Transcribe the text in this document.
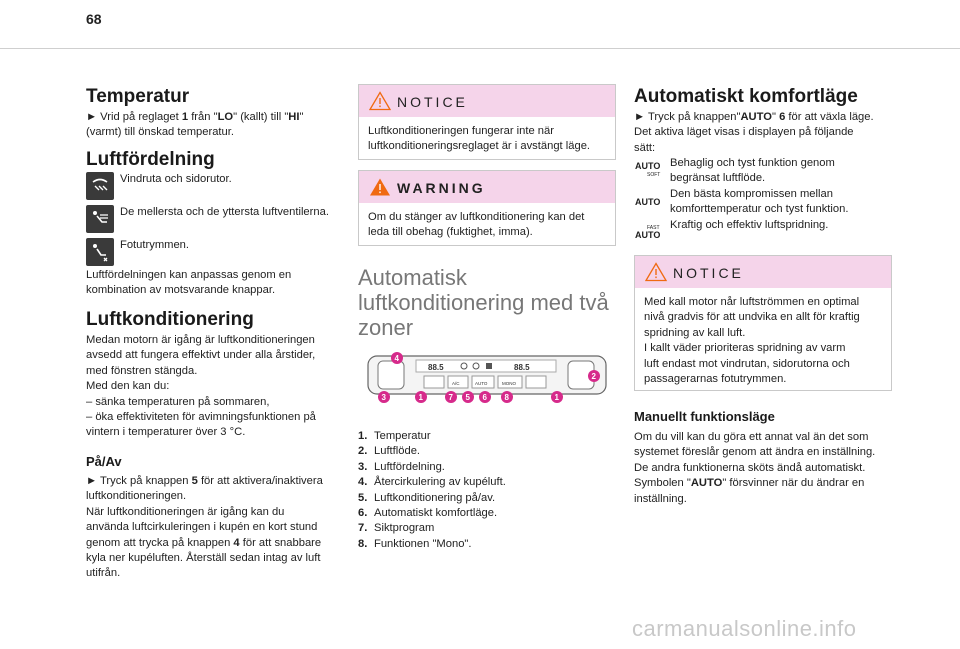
68
Temperatur

► Vrid på reglaget 1 från "LO" (kallt) till "HI"
(varmt) till önskad temperatur.

Luftfördelning
Vindruta och sidorutor.
De mellersta och de yttersta luftventilerna.
Fotutrymmen.

Luftfördelningen kan anpassas genom en
kombination av motsvarande knappar.

Luftkonditionering

Medan motorn är igång är luftkonditioneringen
avsedd att fungera effektivt under alla årstider,
med fönstren stängda.
Med den kan du:
– sänka temperaturen på sommaren,
– öka effektiviteten för avimningsfunktionen på
vintern i temperaturer över 3 °C.

På/Av

► Tryck på knappen 5 för att aktivera/inaktivera
luftkonditioneringen.
När luftkonditioneringen är igång kan du
använda luftcirkuleringen i kupén en kort stund
genom att trycka på knappen 4 för att snabbare
kyla ner kupéluften. Återställ sedan intag av luft
utifrån.

NOTICE
Luftkonditioneringen fungerar inte när
luftkonditioneringsreglaget är i avstängt läge.
WARNING
Om du stänger av luftkonditionering kan det
leda till obehag (fuktighet, imma).
Automatisk
luftkonditionering med två
zoner
88.5	88.5
A/C	AUTO	MONO
4
2
3	1	7 5 6 8	1
1. Temperatur
2. Luftflöde.
3. Luftfördelning.
4. Återcirkulering av kupéluft.
5. Luftkonditionering på/av.
6. Automatiskt komfortläge.
7. Siktprogram
8. Funktionen "Mono".
Automatiskt komfortläge

► Tryck på knappen"AUTO" 6 för att växla läge.
Det aktiva läget visas i displayen på följande
sätt:

AUTO
SOFT
Behaglig och tyst funktion genom
begränsat luftflöde.
AUTO
Den bästa kompromissen mellan
komforttemperatur och tyst funktion.
FAST
AUTO
Kraftig och effektiv luftspridning.
NOTICE
Med kall motor når luftströmmen en optimal
nivå gradvis för att undvika en allt för kraftig
spridning av kall luft.
I kallt väder prioriteras spridning av varm
luft endast mot vindrutan, sidorutorna och
passagerarnas fotutrymmen.
Manuellt funktionsläge

Om du vill kan du göra ett annat val än det som
systemet föreslår genom att ändra en inställning.
De andra funktionerna sköts ändå automatiskt.
Symbolen "AUTO" försvinner när du ändrar en
inställning.

carmanualsonline.info
